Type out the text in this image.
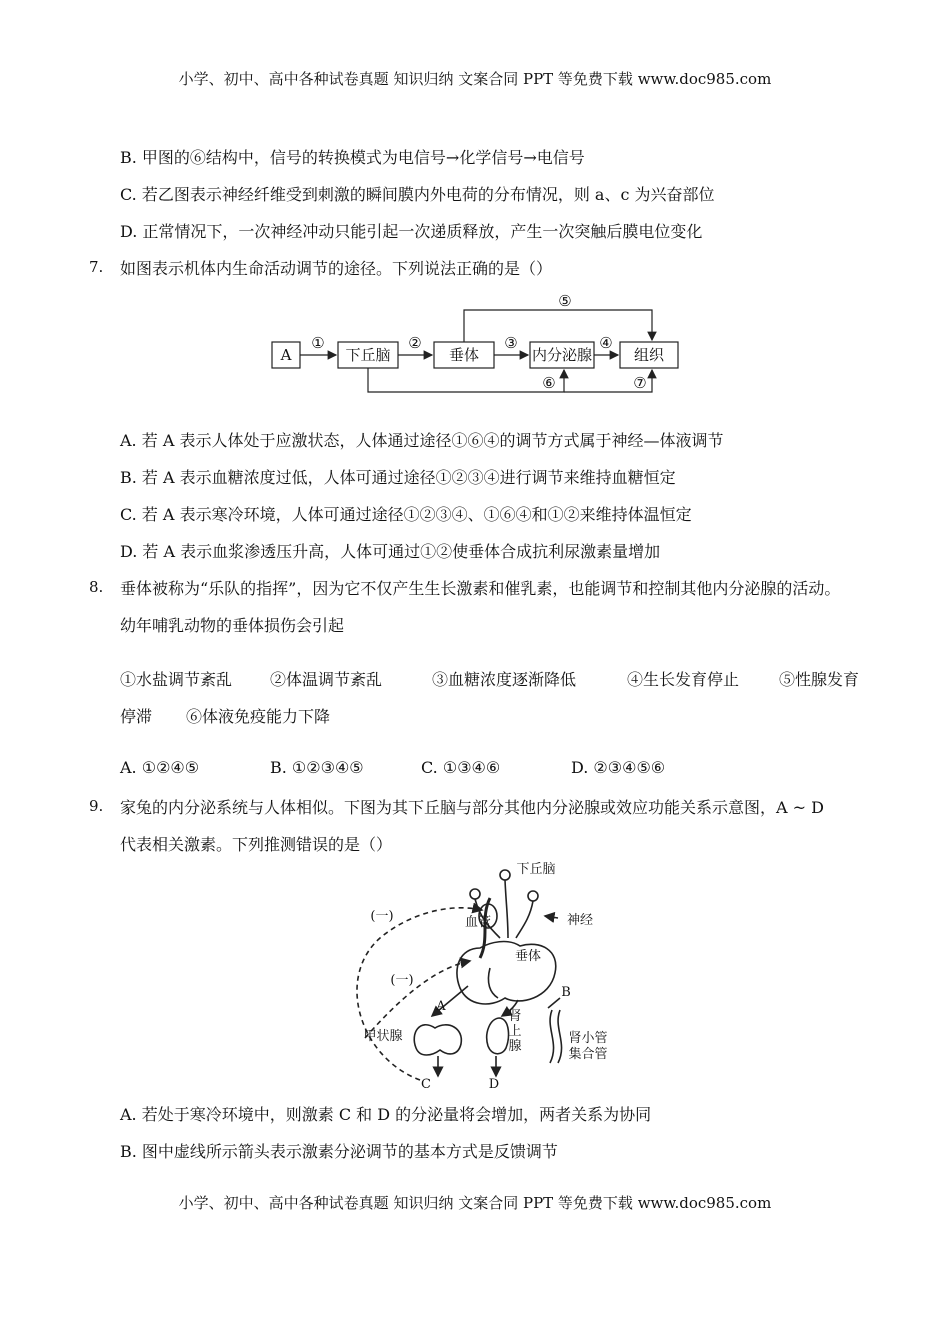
小学、初中、高中各种试卷真题 知识归纳 文案合同 PPT 等免费下载 www.doc985.com
B. 甲图的⑥结构中，信号的转换模式为电信号→化学信号→电信号
C. 若乙图表示神经纤维受到刺激的瞬间膜内外电荷的分布情况，则 a、c 为兴奋部位
D. 正常情况下，一次神经冲动只能引起一次递质释放，产生一次突触后膜电位变化
7. 如图表示机体内生命活动调节的途径。下列说法正确的是（）
A	下丘脑	垂体	内分泌腺	组织
①	②	③	④
⑤
⑥	⑦
A. 若 A 表示人体处于应激状态，人体通过途径①⑥④的调节方式属于神经—体液调节
B. 若 A 表示血糖浓度过低，人体可通过途径①②③④进行调节来维持血糖恒定
C. 若 A 表示寒冷环境，人体可通过途径①②③④、①⑥④和①②来维持体温恒定
D. 若 A 表示血浆渗透压升高，人体可通过①②使垂体合成抗利尿激素量增加
8. 垂体被称为“乐队的指挥”，因为它不仅产生生长激素和催乳素，也能调节和控制其他内分泌腺的活动。
幼年哺乳动物的垂体损伤会引起
①水盐调节紊乱 ②体温调节紊乱	③血糖浓度逐渐降低	④生长发育停止 ⑤性腺发育
停滞 ⑥体液免疫能力下降
A. ①②④⑤	B. ①②③④⑤	C. ①③④⑥	D. ②③④⑤⑥
9. 家兔的内分泌系统与人体相似。下图为其下丘脑与部分其他内分泌腺或效应功能关系示意图，A ~ D
代表相关激素。下列推测错误的是（）
下丘脑
神经
血管
垂体
(一)
(一)
甲状腺
肾
上
腺
肾小管
集合管
A
B
C	D
A. 若处于寒冷环境中，则激素 C 和 D 的分泌量将会增加，两者关系为协同
B. 图中虚线所示箭头表示激素分泌调节的基本方式是反馈调节
小学、初中、高中各种试卷真题 知识归纳 文案合同 PPT 等免费下载 www.doc985.com
